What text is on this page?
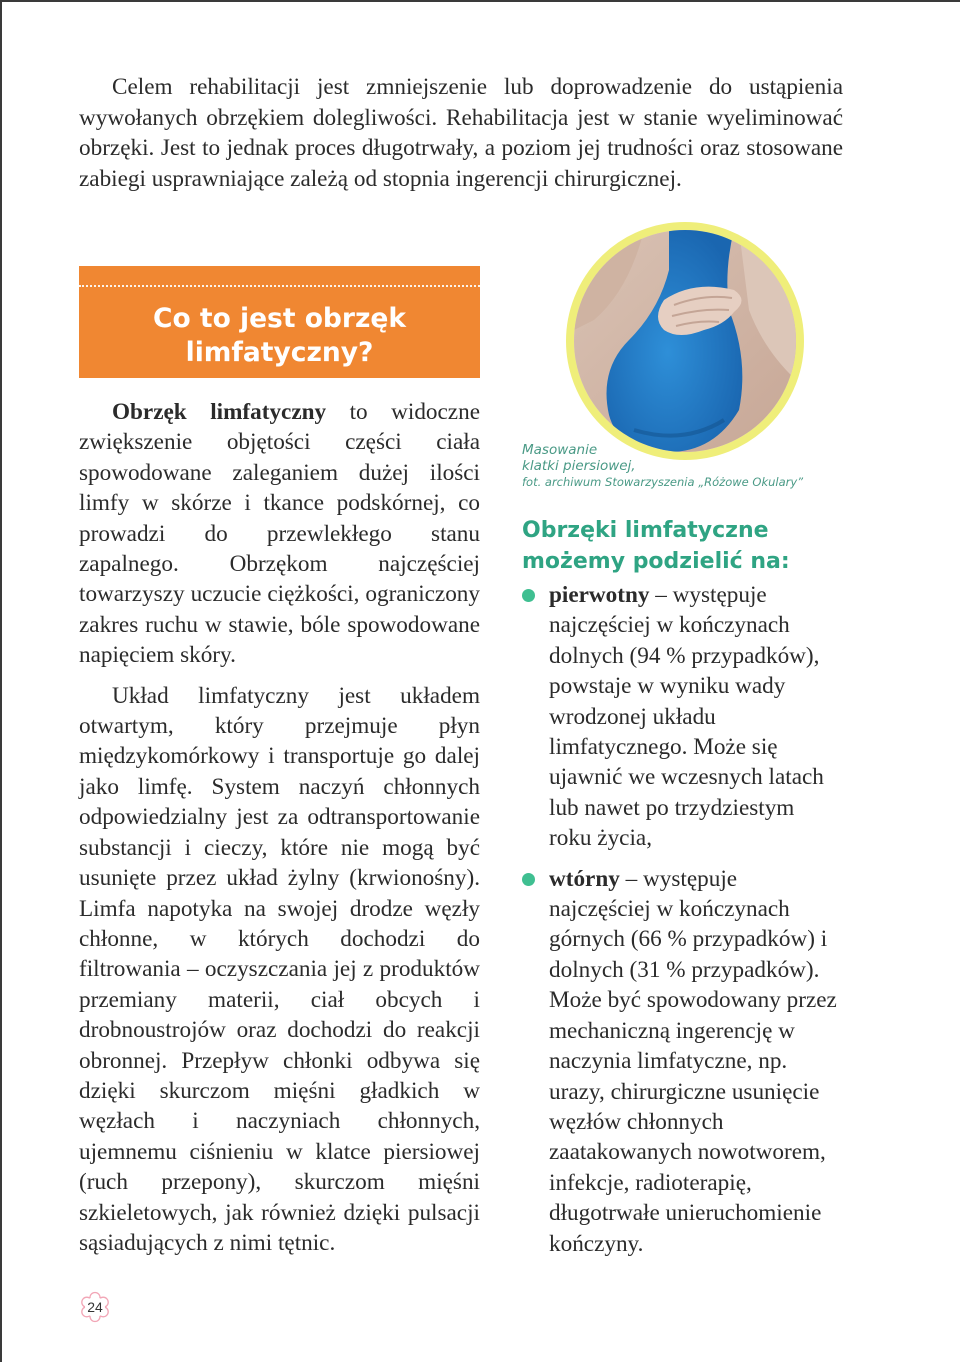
Celem rehabilitacji jest zmniejszenie lub doprowadzenie do ustąpienia wywołanych obrzękiem dolegliwości. Rehabilitacja jest w stanie wyeliminować obrzęki. Jest to jednak proces długotrwały, a poziom jej trudności oraz stosowane zabiegi usprawniające zależą od stopnia ingerencji chirurgicznej.

Co to jest obrzęk limfatyczny?

Obrzęk limfatyczny to widoczne zwiększenie objętości części ciała spowodowane zaleganiem dużej ilości limfy w skórze i tkance podskórnej, co prowadzi do przewlekłego stanu zapalnego. Obrzękom najczęściej towarzyszy uczucie ciężkości, ograniczony zakres ruchu w stawie, bóle spowodowane napięciem skóry.

Układ limfatyczny jest układem otwartym, który przejmuje płyn międzykomórkowy i transportuje go dalej jako limfę. System naczyń chłonnych odpowiedzialny jest za odtransportowanie substancji i cieczy, które nie mogą być usunięte przez układ żylny (krwionośny). Limfa napotyka na swojej drodze węzły chłonne, w których dochodzi do filtrowania – oczyszczania jej z produktów przemiany materii, ciał obcych i drobnoustrojów oraz dochodzi do reakcji obronnej. Przepływ chłonki odbywa się dzięki skurczom mięśni gładkich w węzłach i naczyniach chłonnych, ujemnemu ciśnieniu w klatce piersiowej (ruch przepony), skurczom mięśni szkieletowych, jak również dzięki pulsacji sąsiadujących z nimi tętnic.

Masowanie
klatki piersiowej,
fot. archiwum Stowarzyszenia „Różowe Okulary”

Obrzęki limfatyczne
możemy podzielić na:

pierwotny – występuje najczęściej w kończynach dolnych (94 % przypadków), powstaje w wyniku wady wrodzonej układu limfatycznego. Może się ujawnić we wczesnych latach lub nawet po trzydziestym roku życia,
wtórny – występuje najczęściej w kończynach górnych (66 % przypadków) i dolnych (31 % przypadków). Może być spowodowany przez mechaniczną ingerencję w naczynia limfatyczne, np. urazy, chirurgiczne usunięcie węzłów chłonnych zaatakowanych nowotworem, infekcje, radioterapię, długotrwałe unieruchomienie kończyny.
24
